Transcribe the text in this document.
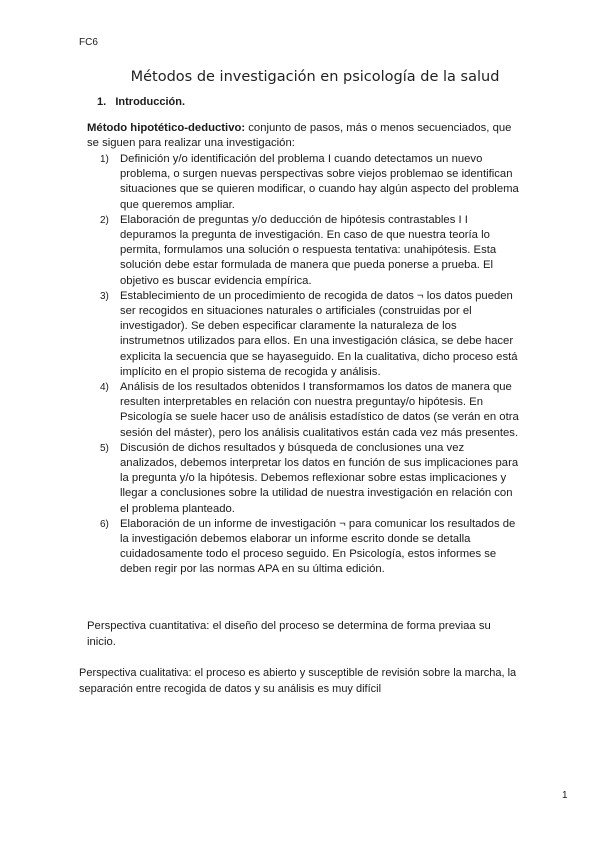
FC6
Métodos de investigación en psicología de la salud
1. Introducción.
Método hipotético-deductivo: conjunto de pasos, más o menos secuenciados, que se siguen para realizar una investigación:
1) Definición y/o identificación del problema I cuando detectamos un nuevo problema, o surgen nuevas perspectivas sobre viejos problemao se identifican situaciones que se quieren modificar, o cuando hay algún aspecto del problema que queremos ampliar.
2) Elaboración de preguntas y/o deducción de hipótesis contrastables I I depuramos la pregunta de investigación. En caso de que nuestra teoría lo permita, formulamos una solución o respuesta tentativa: unahipótesis. Esta solución debe estar formulada de manera que pueda ponerse a prueba. El objetivo es buscar evidencia empírica.
3) Establecimiento de un procedimiento de recogida de datos ¬ los datos pueden ser recogidos en situaciones naturales o artificiales (construidas por el investigador). Se deben especificar claramente la naturaleza de los instrumetnos utilizados para ellos. En una investigación clásica, se debe hacer explicita la secuencia que se hayaseguido. En la cualitativa, dicho proceso está implícito en el propio sistema de recogida y análisis.
4) Análisis de los resultados obtenidos I transformamos los datos de manera que resulten interpretables en relación con nuestra preguntay/o hipótesis. En Psicología se suele hacer uso de análisis estadístico de datos (se verán en otra sesión del máster), pero los análisis cualitativos están cada vez más presentes.
5) Discusión de dichos resultados y búsqueda de conclusiones una vez analizados, debemos interpretar los datos en función de sus implicaciones para la pregunta y/o la hipótesis. Debemos reflexionar sobre estas implicaciones y llegar a conclusiones sobre la utilidad de nuestra investigación en relación con el problema planteado.
6) Elaboración de un informe de investigación ¬ para comunicar los resultados de la investigación debemos elaborar un informe escrito donde se detalla cuidadosamente todo el proceso seguido. En Psicología, estos informes se deben regir por las normas APA en su última edición.
Perspectiva cuantitativa: el diseño del proceso se determina de forma previaa su inicio.
Perspectiva cualitativa: el proceso es abierto y susceptible de revisión sobre la marcha, la separación entre recogida de datos y su análisis es muy difícil
1
